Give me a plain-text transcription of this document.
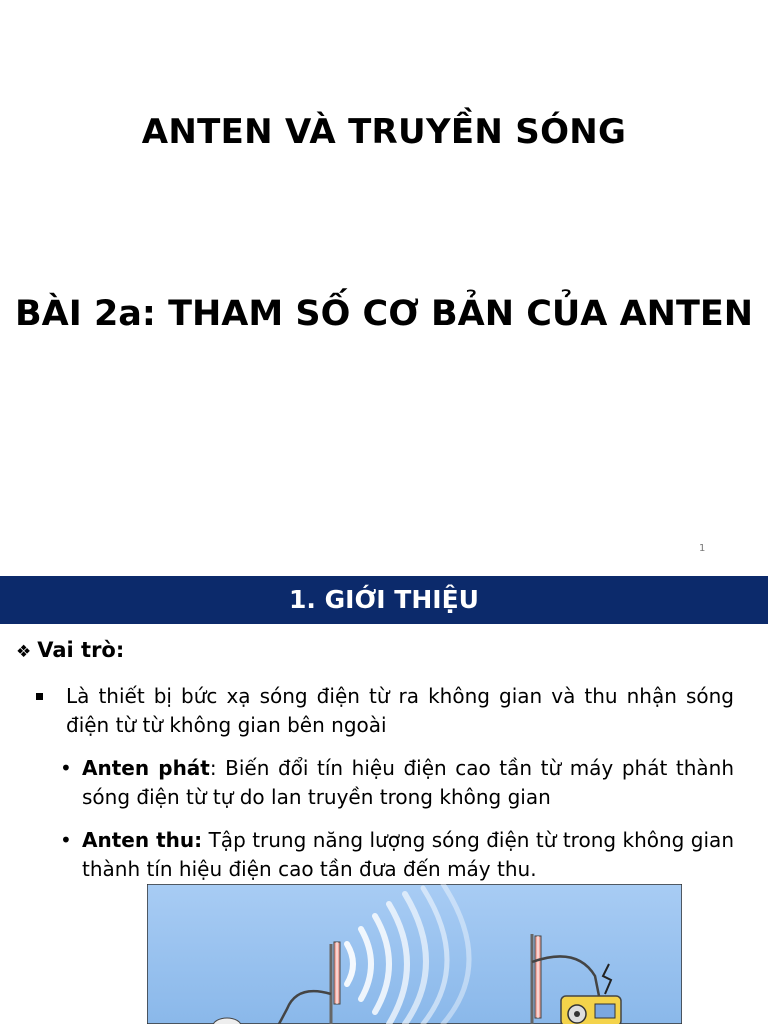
ANTEN VÀ TRUYỀN SÓNG
BÀI 2a: THAM SỐ CƠ BẢN CỦA ANTEN
1
1. GIỚI THIỆU
❖ Vai trò:
Là thiết bị bức xạ sóng điện từ ra không gian và thu nhận sóng điện từ từ không gian bên ngoài
• Anten phát: Biến đổi tín hiệu điện cao tần từ máy phát thành sóng điện từ tự do lan truyền trong không gian
• Anten thu: Tập trung năng lượng sóng điện từ trong không gian thành tín hiệu điện cao tần đưa đến máy thu.
